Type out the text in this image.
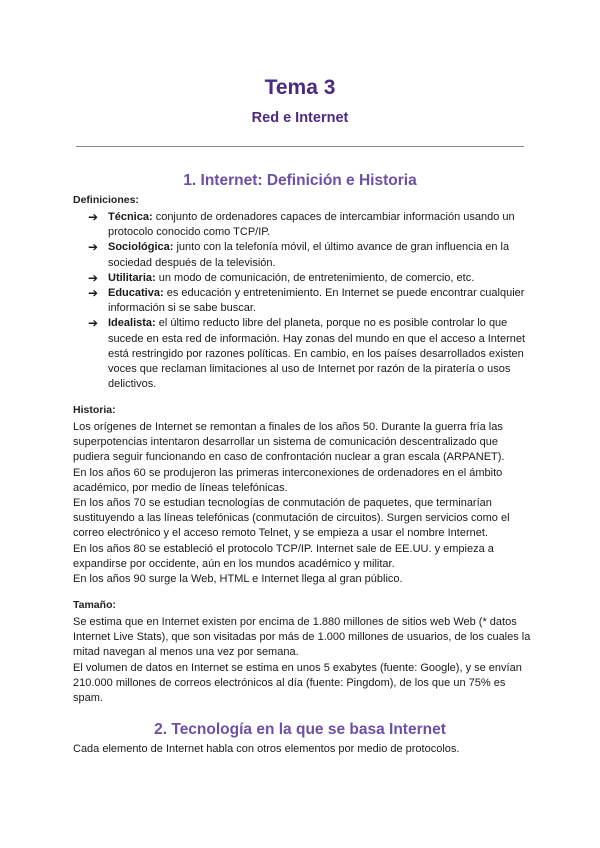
Tema 3
Red e Internet
1. Internet: Definición e Historia
Definiciones:
➔ Técnica: conjunto de ordenadores capaces de intercambiar información usando un protocolo conocido como TCP/IP.
➔ Sociológica: junto con la telefonía móvil, el último avance de gran influencia en la sociedad después de la televisión.
➔ Utilitaria: un modo de comunicación, de entretenimiento, de comercio, etc.
➔ Educativa: es educación y entretenimiento. En Internet se puede encontrar cualquier información si se sabe buscar.
➔ Idealista: el último reducto libre del planeta, porque no es posible controlar lo que sucede en esta red de información. Hay zonas del mundo en que el acceso a Internet está restringido por razones políticas. En cambio, en los países desarrollados existen voces que reclaman limitaciones al uso de Internet por razón de la piratería o usos delictivos.
Historia:

Los orígenes de Internet se remontan a finales de los años 50. Durante la guerra fría las superpotencias intentaron desarrollar un sistema de comunicación descentralizado que pudiera seguir funcionando en caso de confrontación nuclear a gran escala (ARPANET).

En los años 60 se produjeron las primeras interconexiones de ordenadores en el ámbito académico, por medio de líneas telefónicas.

En los años 70 se estudian tecnologías de conmutación de paquetes, que terminarían sustituyendo a las líneas telefónicas (conmutación de circuitos). Surgen servicios como el correo electrónico y el acceso remoto Telnet, y se empieza a usar el nombre Internet.

En los años 80 se estableció el protocolo TCP/IP. Internet sale de EE.UU. y empieza a expandirse por occidente, aún en los mundos académico y militar.

En los años 90 surge la Web, HTML e Internet llega al gran público.

Tamaño:

Se estima que en Internet existen por encima de 1.880 millones de sitios web Web (* datos Internet Live Stats), que son visitadas por más de 1.000 millones de usuarios, de los cuales la mitad navegan al menos una vez por semana.

El volumen de datos en Internet se estima en unos 5 exabytes (fuente: Google), y se envían 210.000 millones de correos electrónicos al día (fuente: Pingdom), de los que un 75% es spam.

2. Tecnología en la que se basa Internet

Cada elemento de Internet habla con otros elementos por medio de protocolos.
